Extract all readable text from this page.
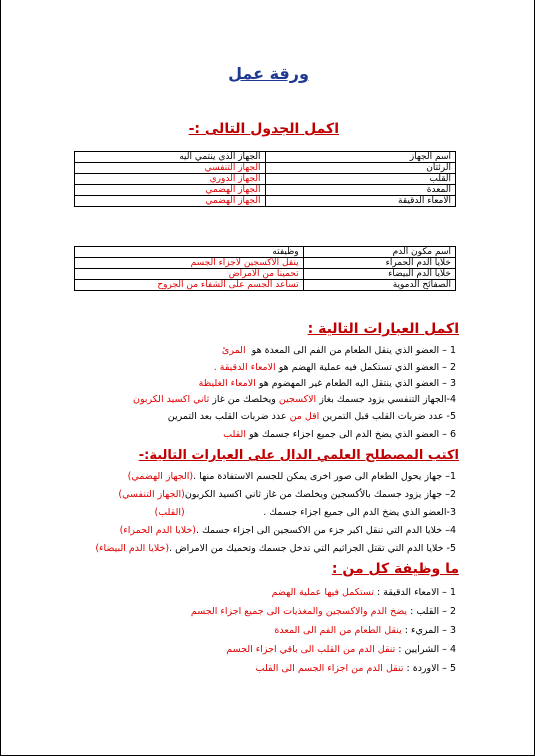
ورقة عمل
اكمل الجدول التالى :-
اسم الجهاز	الجهاز الذي ينتمي اليه
الرئتان	الجهاز التنفسي
القلب	الجهاز الدوري
المعدة	الجهاز الهضمي
الامعاء الدقيقة	الجهاز الهضمي
اسم مكون الدم	وظيفته
خلايا الدم الحمراء	ينقل الاكسجين لاجزاء الجسم
خلايا الدم البيضاء	تحمينا من الامراض
الصفائح الدموية	تساعد الجسم على الشفاء من الجروح
اكمل العبارات التالية :
1 – العضو الذي ينقل الطعام من الفم الى المعدة هو  المرئ
2 – العضو الذي تستكمل فيه عملية الهضم هو الامعاء الدقيقة .
3 – العضو الذي ينتقل اليه الطعام غير المهضوم هو الامعاء الغليظة
4-الجهاز التنفسي يزود جسمك بغاز الاكسجين ويخلصك من غاز ثاني اكسيد الكربون
5- عدد ضربات القلب قبل التمرين اقل من عدد ضربات القلب بعد التمرين
6 – العضو الذي يضخ الدم الى جميع اجزاء جسمك هو القلب
اكتب المصطلح العلمي الدال على العبارات التالية:-
1– جهاز يحول الطعام الى صور اخرى يمكن للجسم الاستفادة منها .(الجهاز الهضمي)
2– جهاز يزود جسمك بالأكسجين ويخلصك من غاز ثاني اكسيد الكربون(الجهاز التنفسي)
3-العضو الذي يضخ الدم الى جميع اجزاء جسمك .                          (القلب)
4– خلايا الدم التي تنقل اكبر جزء من الاكسجين الى اجزاء جسمك .(خلايا الدم الحمراء)
5- خلايا الدم التي تقتل الجراثيم التي تدخل جسمك وتحميك من الامراض .(خلايا الدم البيضاء)
ما وظيفة كل من :
1 – الامعاء الدقيقة : تستكمل فيها عملية الهضم
2 – القلب : يضخ الدم والاكسجين والمغذيات الى جميع اجزاء الجسم
3 – المريء : ينقل الطعام من الفم الى المعدة
4 – الشرايين : تنقل الدم من القلب الى باقي اجزاء الجسم
5 – الاوردة : تنقل الدم من اجزاء الجسم الى القلب
